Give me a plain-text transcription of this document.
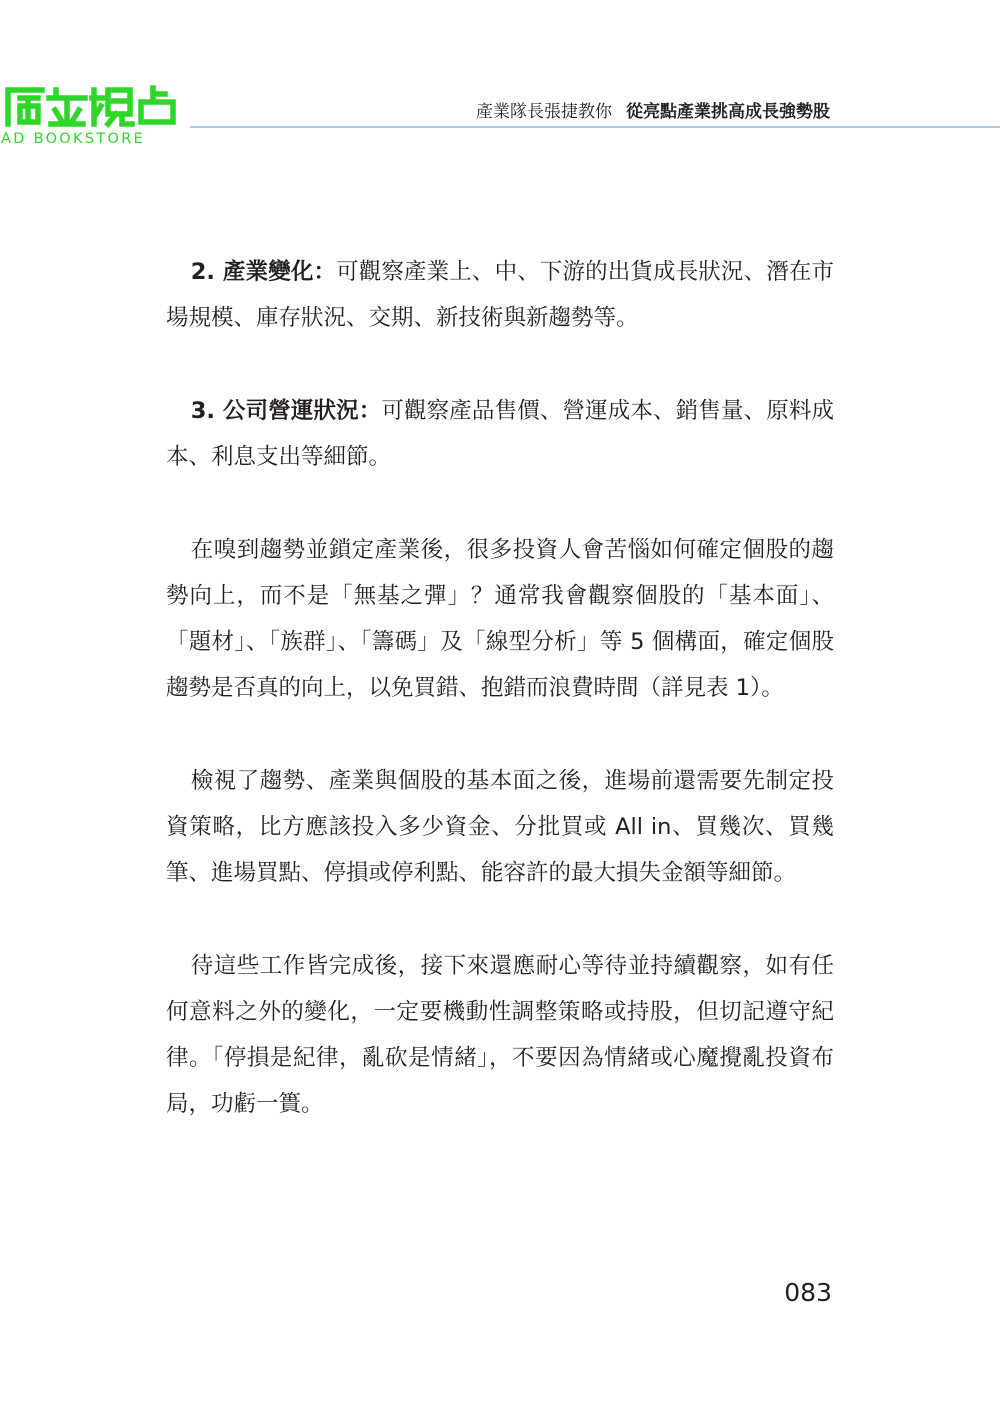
AD BOOKSTORE
產業隊長張捷教你 從亮點產業挑高成長強勢股

2. 產業變化：可觀察產業上、中、下游的出貨成長狀況、潛在市場規模、庫存狀況、交期、新技術與新趨勢等。

3. 公司營運狀況：可觀察產品售價、營運成本、銷售量、原料成本、利息支出等細節。

在嗅到趨勢並鎖定產業後，很多投資人會苦惱如何確定個股的趨勢向上，而不是「無基之彈」？通常我會觀察個股的「基本面」、「題材」、「族群」、「籌碼」及「線型分析」等 5 個構面，確定個股趨勢是否真的向上，以免買錯、抱錯而浪費時間（詳見表 1）。

檢視了趨勢、產業與個股的基本面之後，進場前還需要先制定投資策略，比方應該投入多少資金、分批買或 All in、買幾次、買幾筆、進場買點、停損或停利點、能容許的最大損失金額等細節。

待這些工作皆完成後，接下來還應耐心等待並持續觀察，如有任何意料之外的變化，一定要機動性調整策略或持股，但切記遵守紀律。「停損是紀律，亂砍是情緒」，不要因為情緒或心魔攪亂投資布局，功虧一簣。

083
